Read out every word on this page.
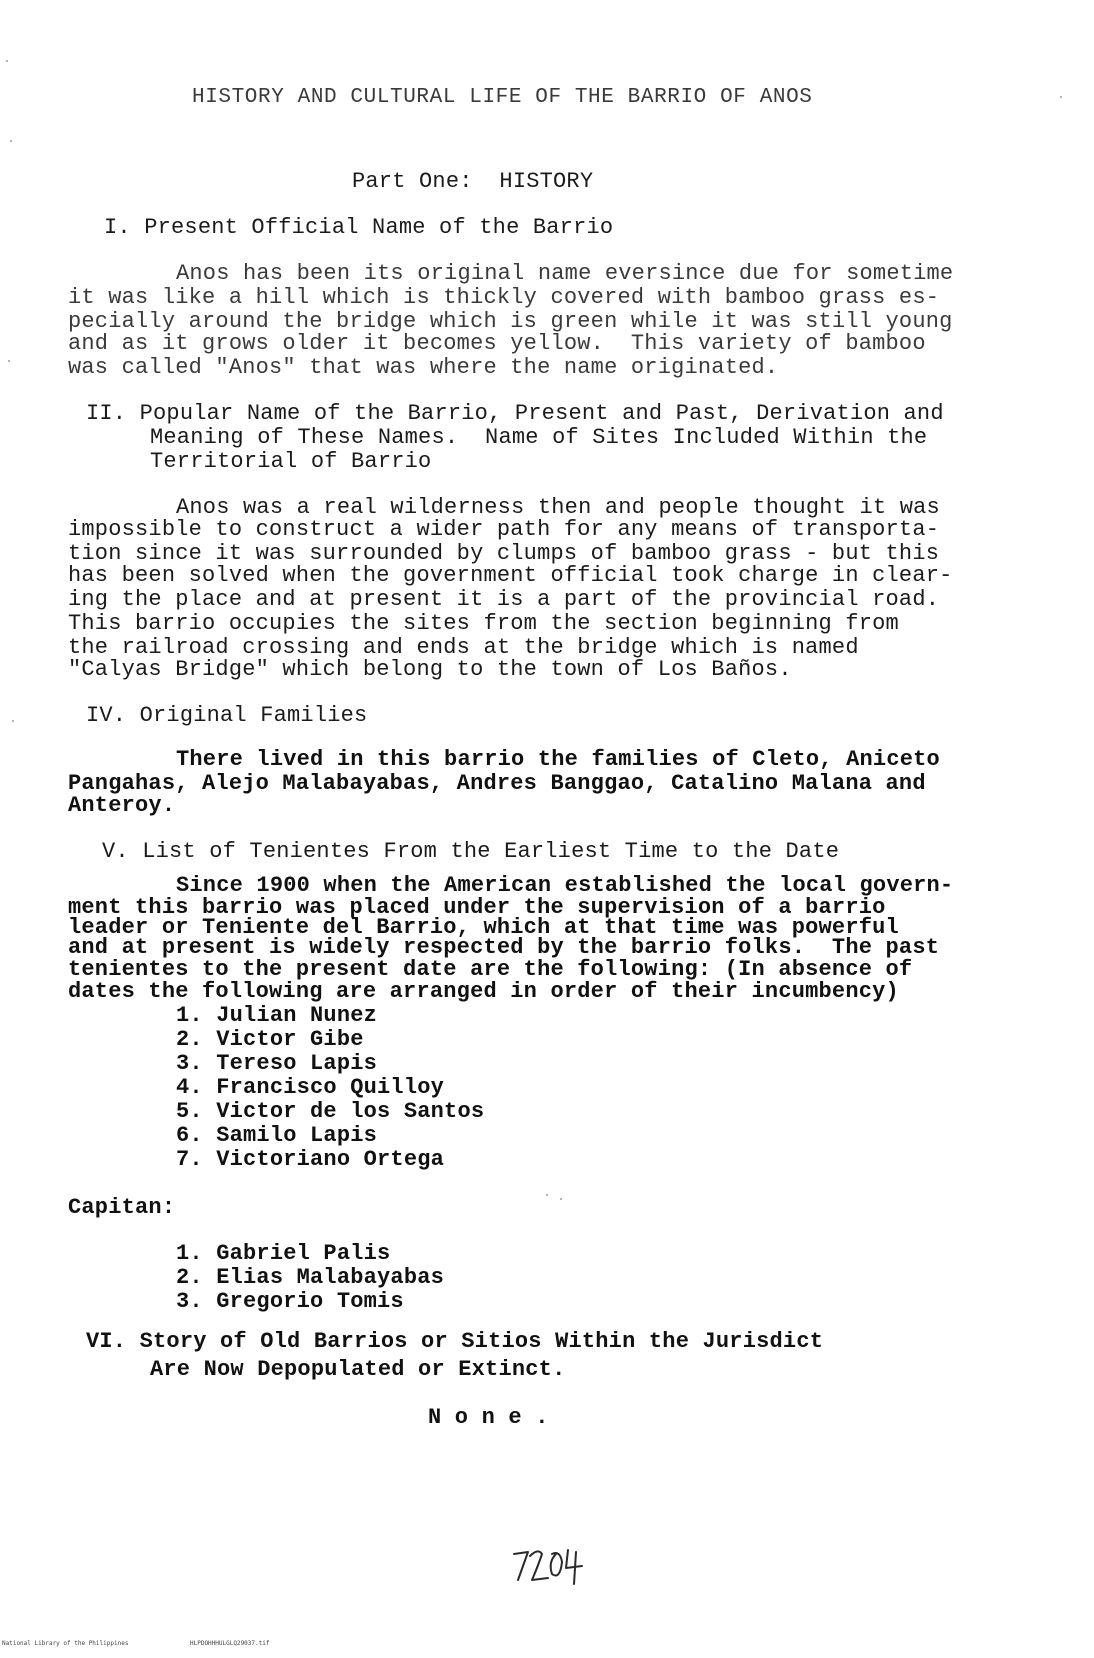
HISTORY AND CULTURAL LIFE OF THE BARRIO OF ANOS
Part One:  HISTORY
I. Present Official Name of the Barrio
Anos has been its original name eversince due for sometime
it was like a hill which is thickly covered with bamboo grass es-
pecially around the bridge which is green while it was still young
and as it grows older it becomes yellow.  This variety of bamboo
was called "Anos" that was where the name originated.
II. Popular Name of the Barrio, Present and Past, Derivation and
Meaning of These Names.  Name of Sites Included Within the
Territorial of Barrio
Anos was a real wilderness then and people thought it was
impossible to construct a wider path for any means of transporta-
tion since it was surrounded by clumps of bamboo grass - but this
has been solved when the government official took charge in clear-
ing the place and at present it is a part of the provincial road.
This barrio occupies the sites from the section beginning from
the railroad crossing and ends at the bridge which is named
"Calyas Bridge" which belong to the town of Los Baños.
IV. Original Families
There lived in this barrio the families of Cleto, Aniceto
Pangahas, Alejo Malabayabas, Andres Banggao, Catalino Malana and
Anteroy.
V. List of Tenientes From the Earliest Time to the Date
Since 1900 when the American established the local govern-
ment this barrio was placed under the supervision of a barrio
leader or Teniente del Barrio, which at that time was powerful
and at present is widely respected by the barrio folks.  The past
tenientes to the present date are the following: (In absence of
dates the following are arranged in order of their incumbency)
1. Julian Nunez
2. Victor Gibe
3. Tereso Lapis
4. Francisco Quilloy
5. Victor de los Santos
6. Samilo Lapis
7. Victoriano Ortega
Capitan:
1. Gabriel Palis
2. Elias Malabayabas
3. Gregorio Tomis
VI. Story of Old Barrios or Sitios Within the Jurisdict
Are Now Depopulated or Extinct.
N o n e .
National Library of the Philippines	HLPDOHHHULGLQ29037.tif
